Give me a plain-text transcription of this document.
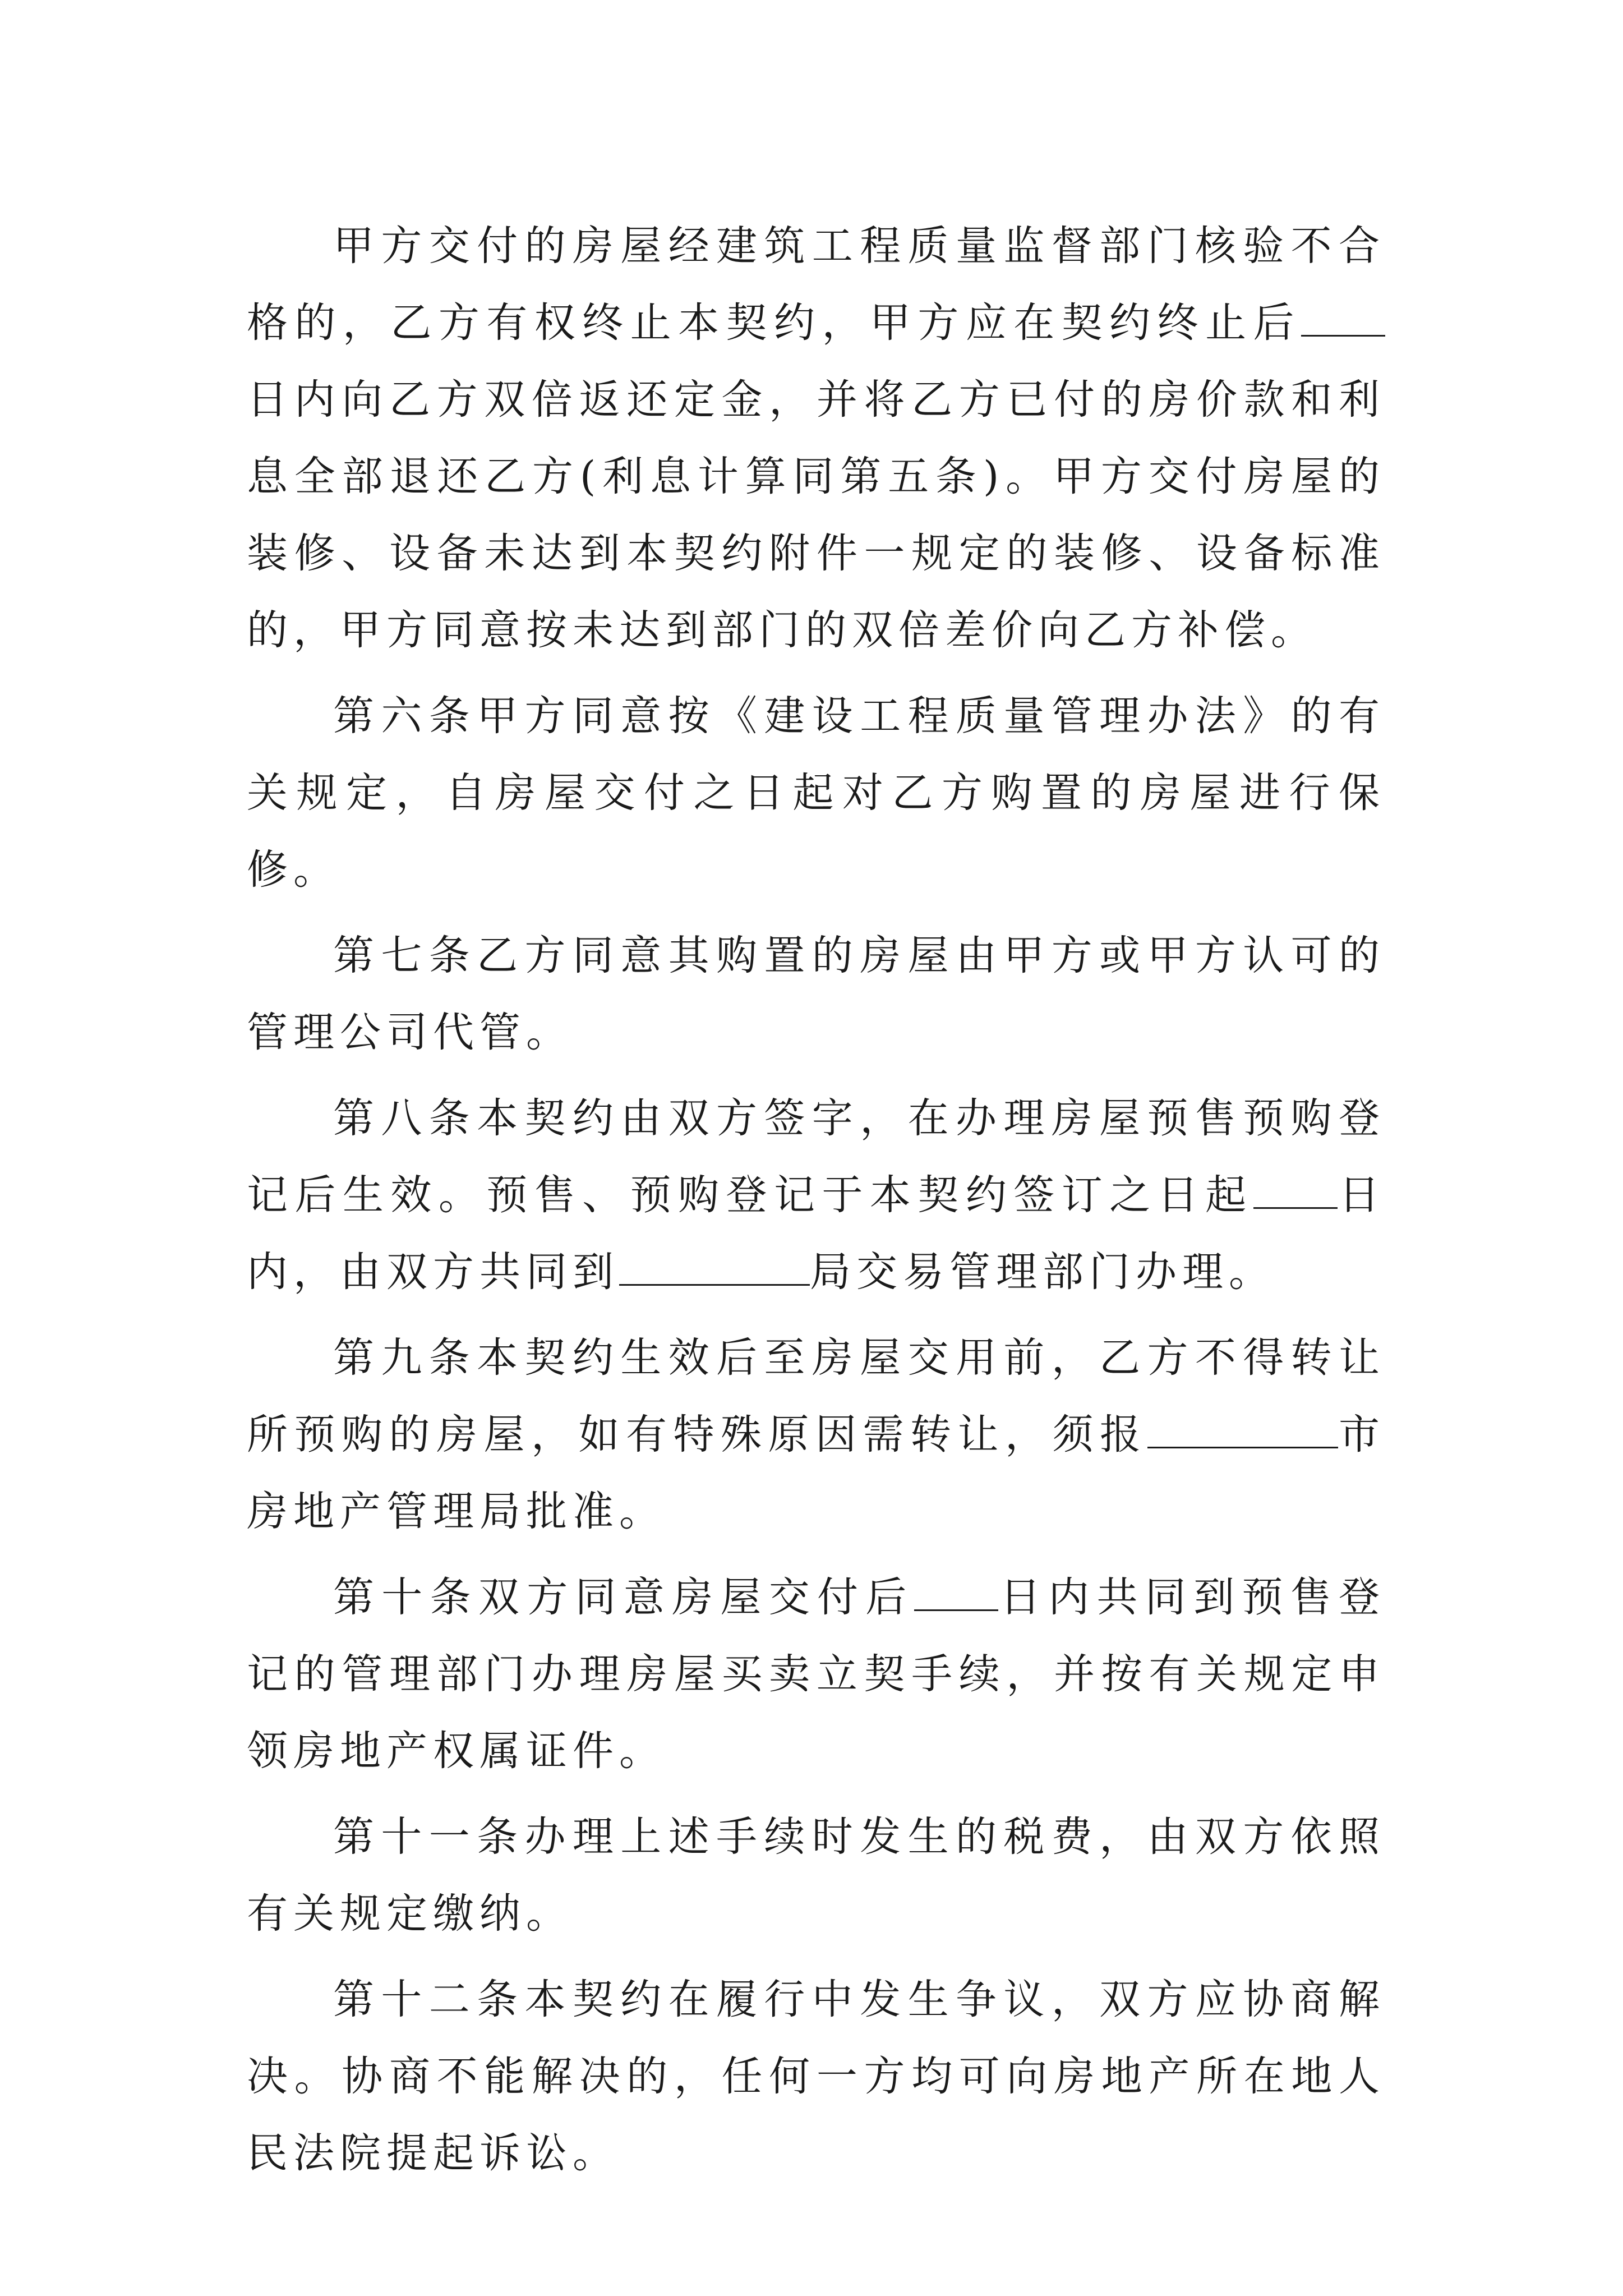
甲方交付的房屋经建筑工程质量监督部门核验不合格的，乙方有权终止本契约，甲方应在契约终止后日内向乙方双倍返还定金，并将乙方已付的房价款和利息全部退还乙方(利息计算同第五条)。甲方交付房屋的装修、设备未达到本契约附件一规定的装修、设备标准的，甲方同意按未达到部门的双倍差价向乙方补偿。

第六条甲方同意按《建设工程质量管理办法》的有关规定，自房屋交付之日起对乙方购置的房屋进行保修。

第七条乙方同意其购置的房屋由甲方或甲方认可的管理公司代管。

第八条本契约由双方签字，在办理房屋预售预购登记后生效。预售、预购登记于本契约签订之日起 日内，由双方共同到	局交易管理部门办理。

第九条本契约生效后至房屋交用前，乙方不得转让所预购的房屋，如有特殊原因需转让，须报	市房地产管理局批准。

第十条双方同意房屋交付后 日内共同到预售登记的管理部门办理房屋买卖立契手续，并按有关规定申领房地产权属证件。

第十一条办理上述手续时发生的税费，由双方依照有关规定缴纳。

第十二条本契约在履行中发生争议，双方应协商解决。协商不能解决的，任何一方均可向房地产所在地人民法院提起诉讼。
